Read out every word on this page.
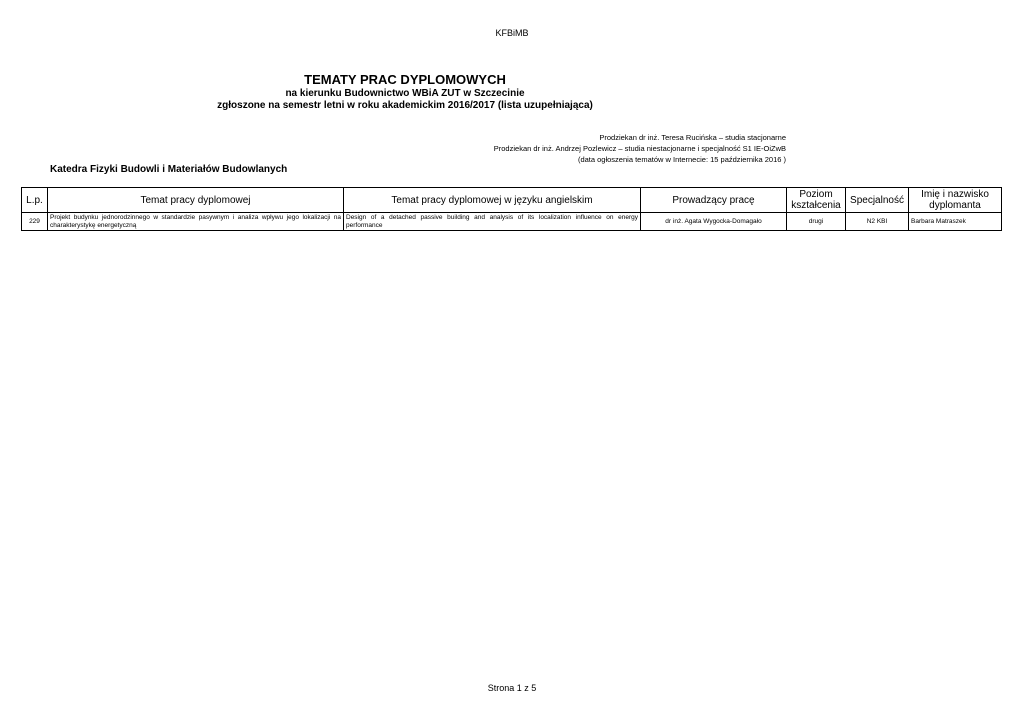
KFBiMB
TEMATY PRAC DYPLOMOWYCH
na kierunku Budownictwo WBiA ZUT w Szczecinie
zgłoszone na semestr letni w roku akademickim 2016/2017 (lista uzupełniająca)
Prodziekan dr inż. Teresa Rucińska – studia stacjonarne
Prodziekan dr inż. Andrzej Pozlewicz – studia niestacjonarne i specjalność S1 IE-OiZwB
(data ogłoszenia tematów w Internecie: 15 października 2016 )
Katedra Fizyki Budowli i Materiałów Budowlanych
L.p.	Temat pracy dyplomowej	Temat pracy dyplomowej w języku angielskim	Prowadzący pracę	Poziom kształcenia	Specjalność	Imię i nazwisko dyplomanta
229	Projekt budynku jednorodzinnego w standardzie pasywnym i analiza wpływu jego lokalizacji na charakterystykę energetyczną	Design of a detached passive building and analysis of its localization influence on energy performance	dr inż. Agata Wygocka-Domagało	drugi	N2 KBI	Barbara Matraszek
Strona 1 z 5
